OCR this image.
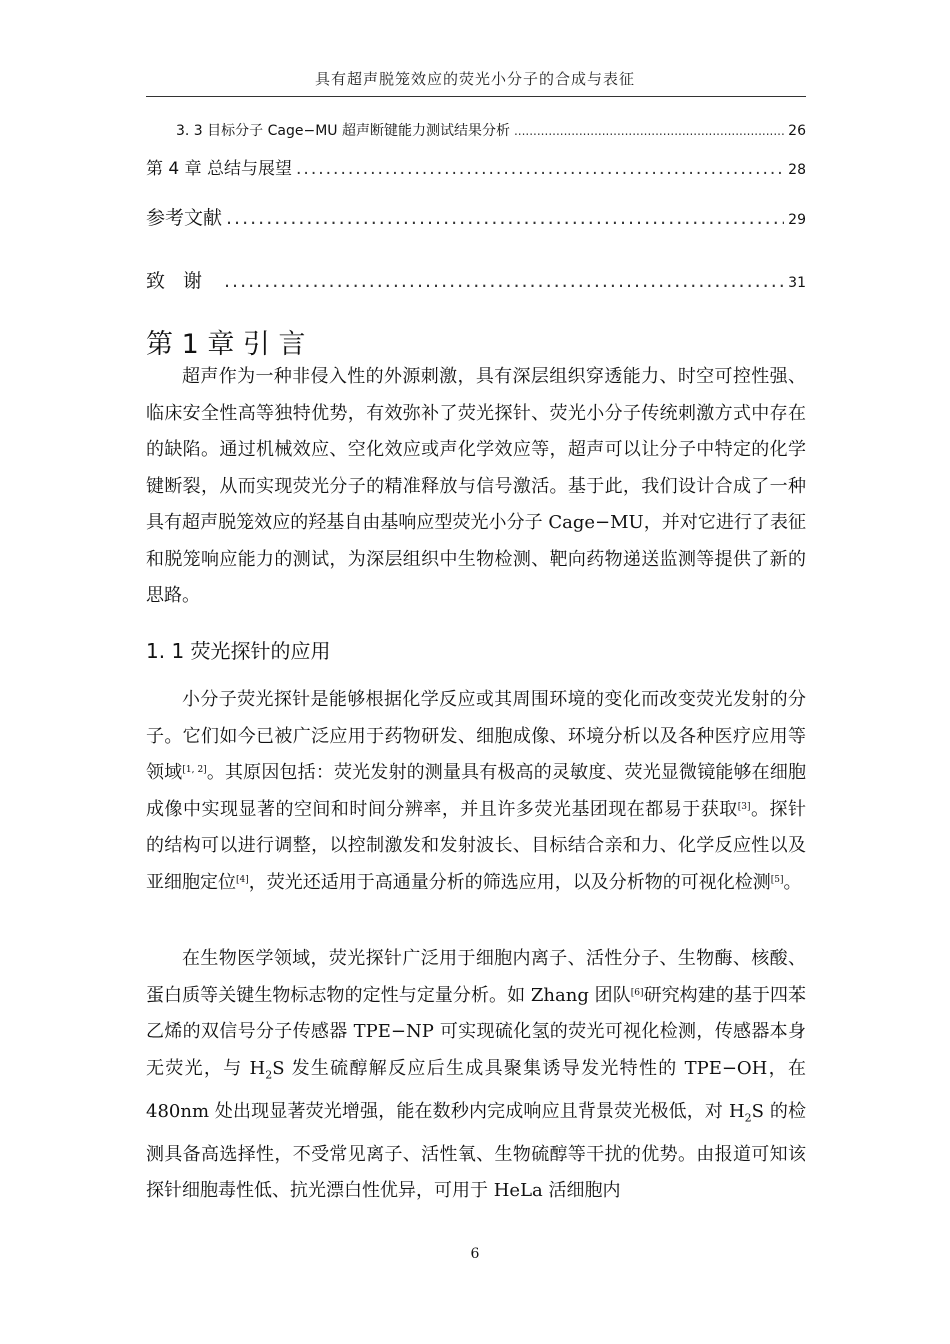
具有超声脱笼效应的荧光小分子的合成与表征
3. 3 目标分子 Cage−MU 超声断键能力测试结果分析 .....	26
第 4 章 总结与展望 .....	28
参考文献 .....	29
致谢 .....	31
第 1 章 引 言

超声作为一种非侵入性的外源刺激，具有深层组织穿透能力、时空可控性强、临床安全性高等独特优势，有效弥补了荧光探针、荧光小分子传统刺激方式中存在的缺陷。通过机械效应、空化效应或声化学效应等，超声可以让分子中特定的化学键断裂，从而实现荧光分子的精准释放与信号激活。基于此，我们设计合成了一种具有超声脱笼效应的羟基自由基响应型荧光小分子 Cage−MU，并对它进行了表征和脱笼响应能力的测试，为深层组织中生物检测、靶向药物递送监测等提供了新的思路。

1. 1 荧光探针的应用

小分子荧光探针是能够根据化学反应或其周围环境的变化而改变荧光发射的分子。它们如今已被广泛应用于药物研发、细胞成像、环境分析以及各种医疗应用等领域[1, 2]。其原因包括：荧光发射的测量具有极高的灵敏度、荧光显微镜能够在细胞成像中实现显著的空间和时间分辨率，并且许多荧光基团现在都易于获取[3]。探针的结构可以进行调整，以控制激发和发射波长、目标结合亲和力、化学反应性以及亚细胞定位[4]，荧光还适用于高通量分析的筛选应用，以及分析物的可视化检测[5]。

在生物医学领域，荧光探针广泛用于细胞内离子、活性分子、生物酶、核酸、蛋白质等关键生物标志物的定性与定量分析。如 Zhang 团队[6]研究构建的基于四苯乙烯的双信号分子传感器 TPE−NP 可实现硫化氢的荧光可视化检测，传感器本身无荧光，与 $H_2S$ 发生硫醇解反应后生成具聚集诱导发光特性的 TPE−OH，在 480nm 处出现显著荧光增强，能在数秒内完成响应且背景荧光极低，对 $H_2S$ 的检测具备高选择性，不受常见离子、活性氧、生物硫醇等干扰的优势。由报道可知该探针细胞毒性低、抗光漂白性优异，可用于 HeLa 活细胞内

6
